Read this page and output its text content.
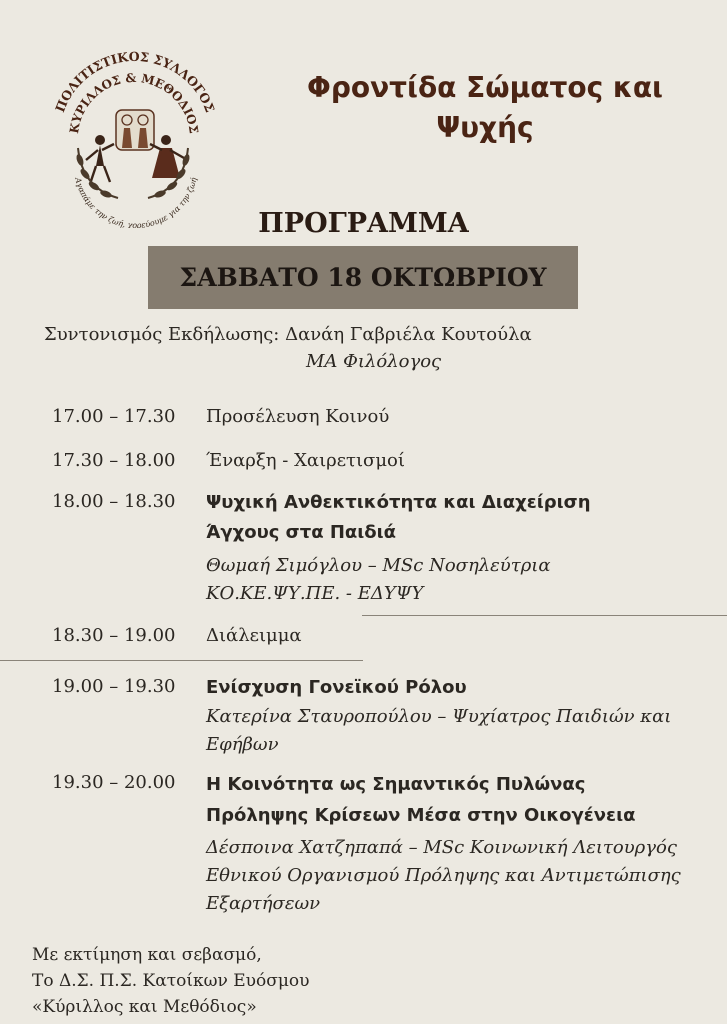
ΠΟΛΙΤΙΣΤΙΚΟΣ ΣΥΛΛΟΓΟΣ
ΚΥΡΙΛΛΟΣ & ΜΕΘΟΔΙΟΣ
Αγαπάμε την ζωή, χορεύουμε για την ζωή
Φροντίδα Σώματος και
Ψυχής
ΠΡΟΓΡΑΜΜΑ
ΣΑΒΒΑΤΟ 18 ΟΚΤΩΒΡΙΟΥ
Συντονισμός Εκδήλωσης: Δανάη Γαβριέλα Κουτούλα
ΜΑ Φιλόλογος
17.00 – 17.30	Προσέλευση Κοινού
17.30 – 18.00	Έναρξη - Χαιρετισμοί
18.00 – 18.30	Ψυχική Ανθεκτικότητα και Διαχείριση
Άγχους στα Παιδιά
Θωμαή Σιμόγλου – MSc Νοσηλεύτρια
ΚΟ.ΚΕ.ΨΥ.ΠΕ. - ΕΔΥΨΥ
18.30 – 19.00	Διάλειμμα
19.00 – 19.30	Ενίσχυση Γονεϊκού Ρόλου
Κατερίνα Σταυροπούλου – Ψυχίατρος Παιδιών και
Εφήβων
19.30 – 20.00	Η Κοινότητα ως Σημαντικός Πυλώνας
Πρόληψης Κρίσεων Μέσα στην Οικογένεια
Δέσποινα Χατζηπαπά – MSc Κοινωνική Λειτουργός
Εθνικού Οργανισμού Πρόληψης και Αντιμετώπισης
Εξαρτήσεων
Με εκτίμηση και σεβασμό,
Το Δ.Σ. Π.Σ. Κατοίκων Ευόσμου
«Κύριλλος και Μεθόδιος»
